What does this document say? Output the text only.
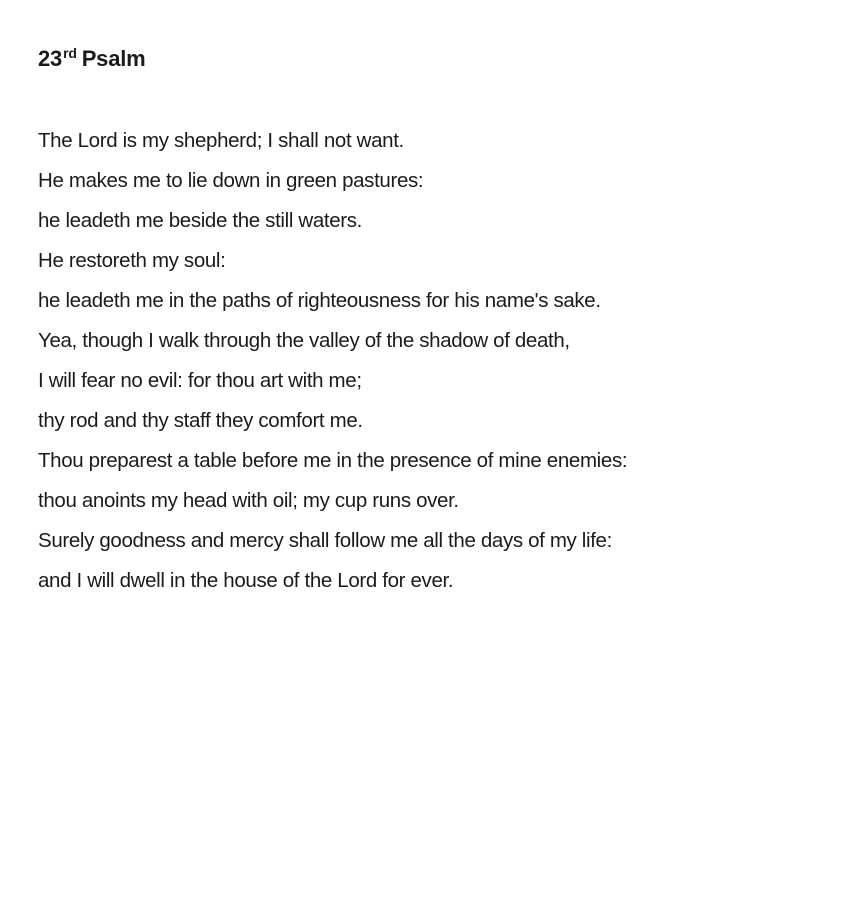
23rd Psalm
The Lord is my shepherd; I shall not want.
He makes me to lie down in green pastures:
he leadeth me beside the still waters.
He restoreth my soul:
he leadeth me in the paths of righteousness for his name's sake.
Yea, though I walk through the valley of the shadow of death,
I will fear no evil: for thou art with me;
thy rod and thy staff they comfort me.
Thou preparest a table before me in the presence of mine enemies:
thou anoints my head with oil; my cup runs over.
Surely goodness and mercy shall follow me all the days of my life:
and I will dwell in the house of the Lord for ever.
